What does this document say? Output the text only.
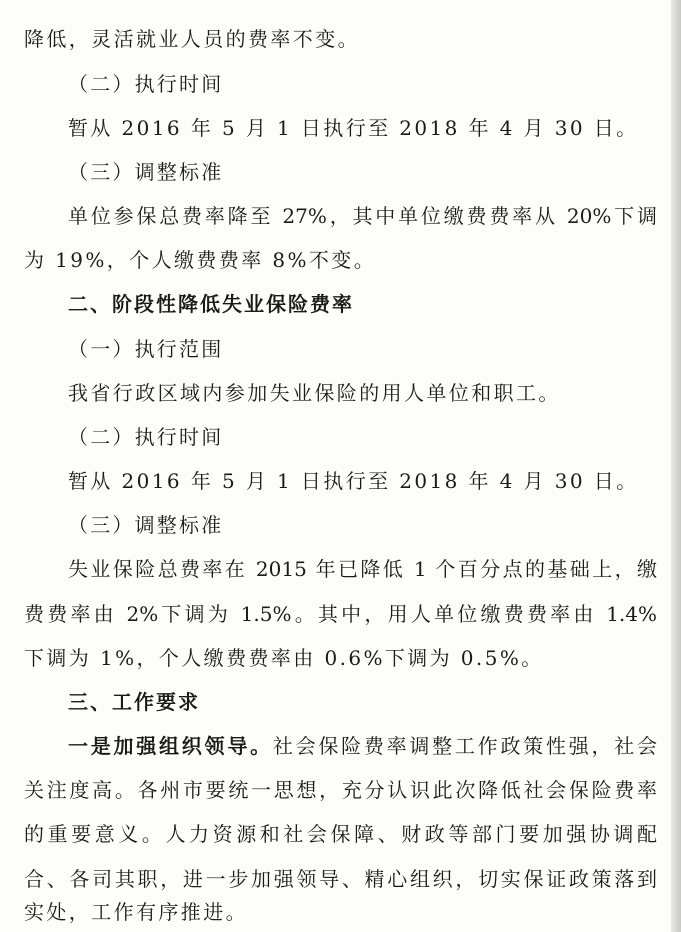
降低，灵活就业人员的费率不变。
（二）执行时间
暂从 2016 年 5 月 1 日执行至 2018 年 4 月 30 日。
（三）调整标准
单位参保总费率降至 27%，其中单位缴费费率从 20%下调
为 19%，个人缴费费率 8%不变。
二、阶段性降低失业保险费率
（一）执行范围
我省行政区域内参加失业保险的用人单位和职工。
（二）执行时间
暂从 2016 年 5 月 1 日执行至 2018 年 4 月 30 日。
（三）调整标准
失业保险总费率在 2015 年已降低 1 个百分点的基础上，缴
费费率由 2%下调为 1.5%。其中，用人单位缴费费率由 1.4%
下调为 1%，个人缴费费率由 0.6%下调为 0.5%。
三、工作要求
一是加强组织领导。社会保险费率调整工作政策性强，社会
关注度高。各州市要统一思想，充分认识此次降低社会保险费率
的重要意义。人力资源和社会保障、财政等部门要加强协调配
合、各司其职，进一步加强领导、精心组织，切实保证政策落到
实处，工作有序推进。
